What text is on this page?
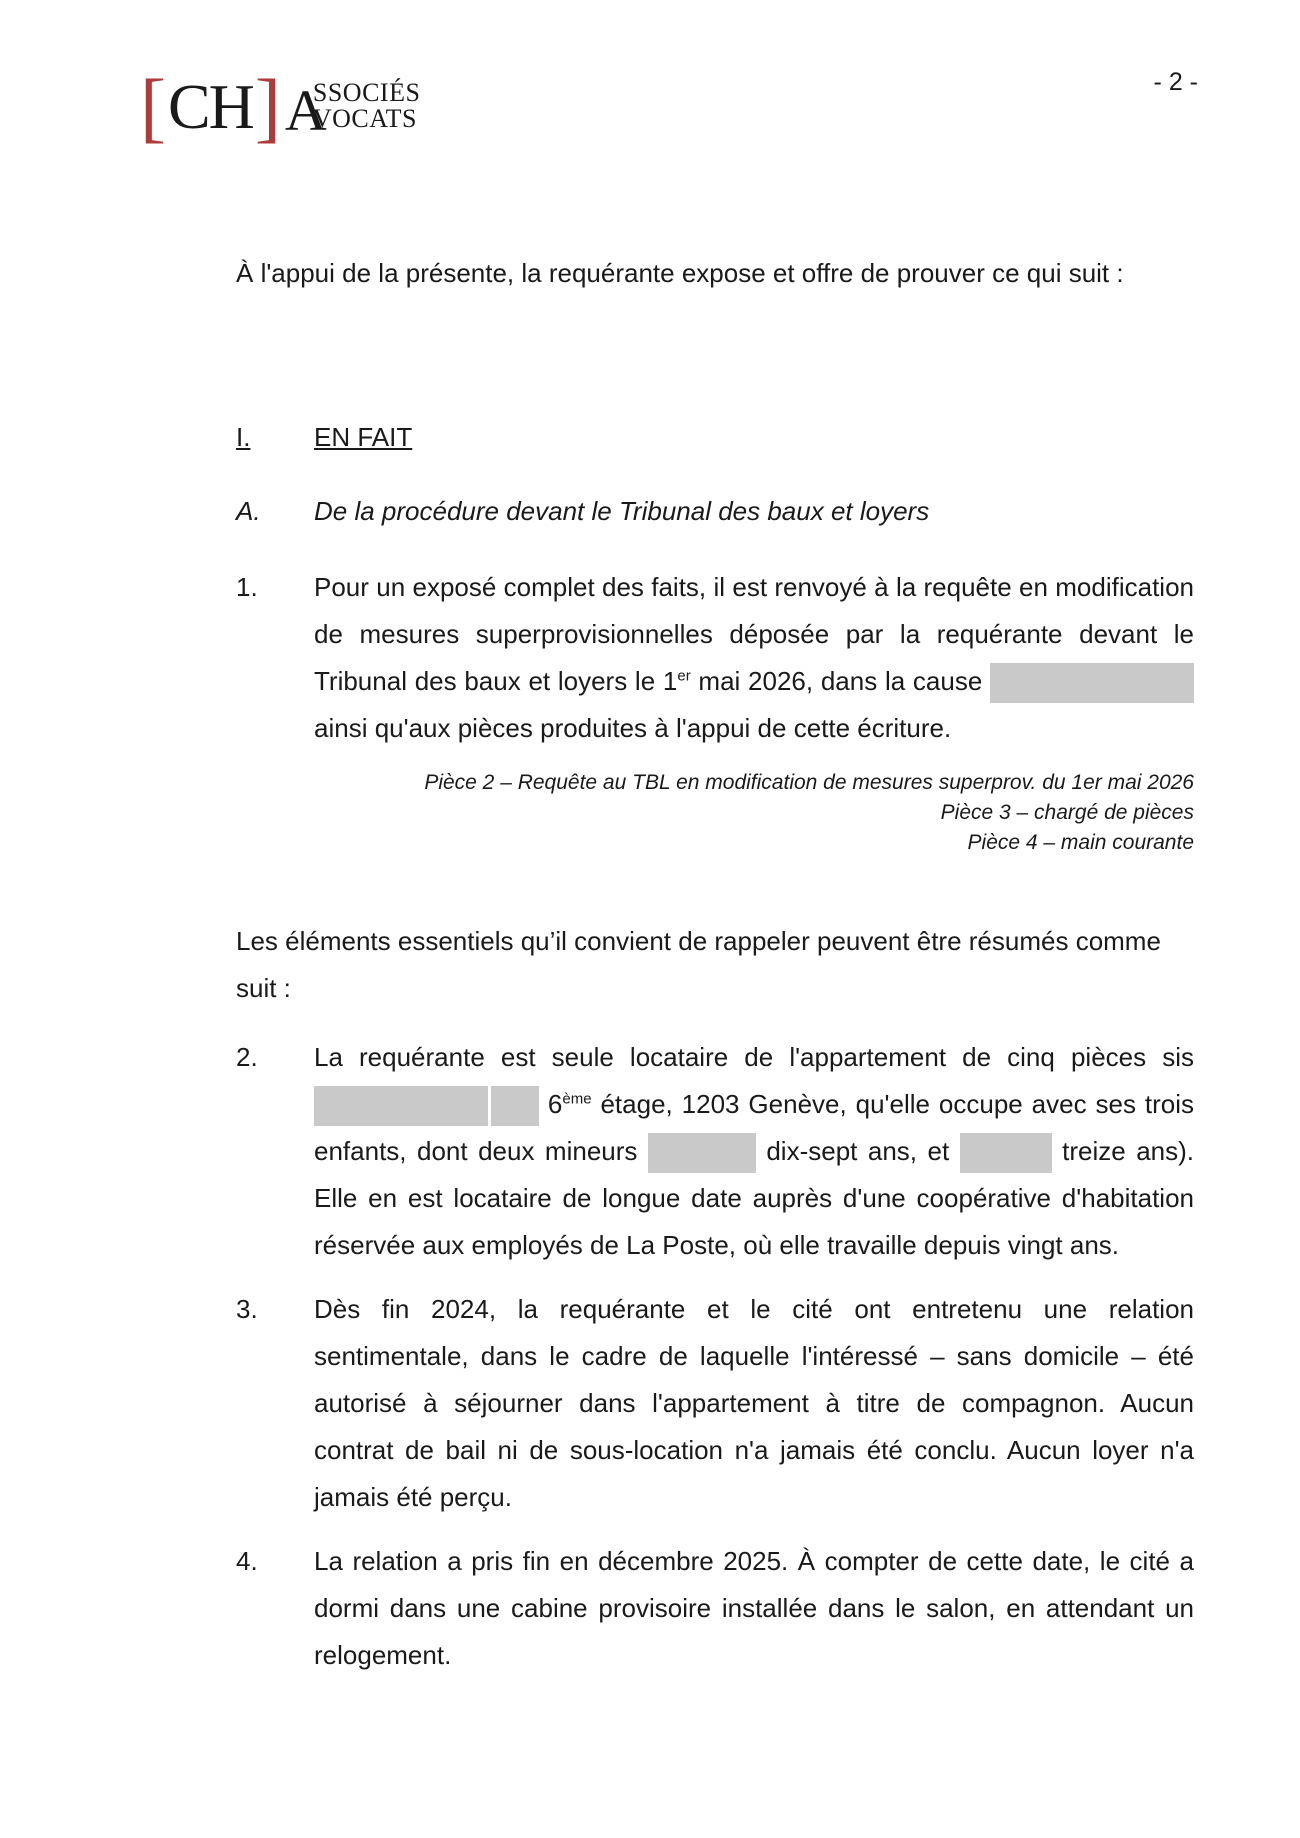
[ CH ] A
SSOCIÉS
VOCATS
- 2 -
À l'appui de la présente, la requérante expose et offre de prouver ce qui suit :
I.	EN FAIT
A.	De la procédure devant le Tribunal des baux et loyers
1.	Pour un exposé complet des faits, il est renvoyé à la requête en modification de mesures superprovisionnelles déposée par la requérante devant le Tribunal des baux et loyers le 1er mai 2026, dans la cause  ainsi qu'aux pièces produites à l'appui de cette écriture.
Pièce 2 – Requête au TBL en modification de mesures superprov. du 1er mai 2026
Pièce 3 – chargé de pièces
Pièce 4 – main courante
Les éléments essentiels qu’il convient de rappeler peuvent être résumés comme suit :
2.	La requérante est seule locataire de l'appartement de cinq pièces sis  6ème étage, 1203 Genève, qu'elle occupe avec ses trois enfants, dont deux mineurs	dix-sept ans, et	treize ans). Elle en est locataire de longue date auprès d'une coopérative d'habitation réservée aux employés de La Poste, où elle travaille depuis vingt ans.
3.	Dès fin 2024, la requérante et le cité ont entretenu une relation sentimentale, dans le cadre de laquelle l'intéressé – sans domicile – été autorisé à séjourner dans l'appartement à titre de compagnon. Aucun contrat de bail ni de sous-location n'a jamais été conclu. Aucun loyer n'a jamais été perçu.
4.	La relation a pris fin en décembre 2025. À compter de cette date, le cité a dormi dans une cabine provisoire installée dans le salon, en attendant un relogement.
